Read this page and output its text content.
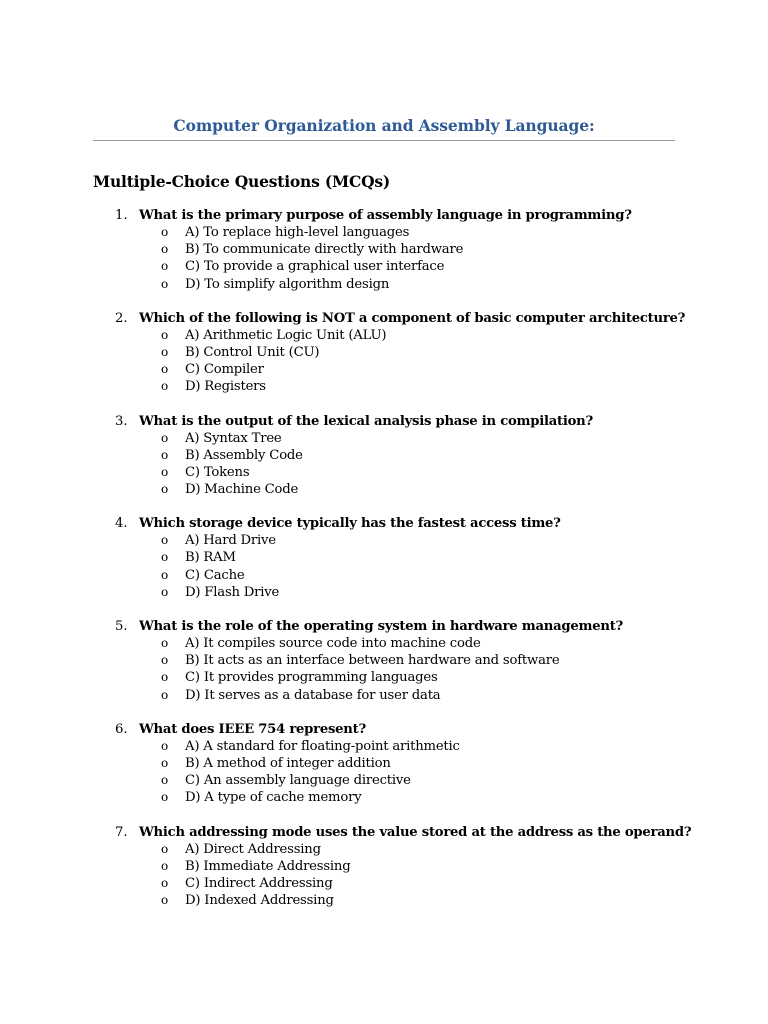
Computer Organization and Assembly Language:
Multiple-Choice Questions (MCQs)
1. What is the primary purpose of assembly language in programming?
o A) To replace high-level languages
o B) To communicate directly with hardware
o C) To provide a graphical user interface
o D) To simplify algorithm design
2. Which of the following is NOT a component of basic computer architecture?
o A) Arithmetic Logic Unit (ALU)
o B) Control Unit (CU)
o C) Compiler
o D) Registers
3. What is the output of the lexical analysis phase in compilation?
o A) Syntax Tree
o B) Assembly Code
o C) Tokens
o D) Machine Code
4. Which storage device typically has the fastest access time?
o A) Hard Drive
o B) RAM
o C) Cache
o D) Flash Drive
5. What is the role of the operating system in hardware management?
o A) It compiles source code into machine code
o B) It acts as an interface between hardware and software
o C) It provides programming languages
o D) It serves as a database for user data
6. What does IEEE 754 represent?
o A) A standard for floating-point arithmetic
o B) A method of integer addition
o C) An assembly language directive
o D) A type of cache memory
7. Which addressing mode uses the value stored at the address as the operand?
o A) Direct Addressing
o B) Immediate Addressing
o C) Indirect Addressing
o D) Indexed Addressing
